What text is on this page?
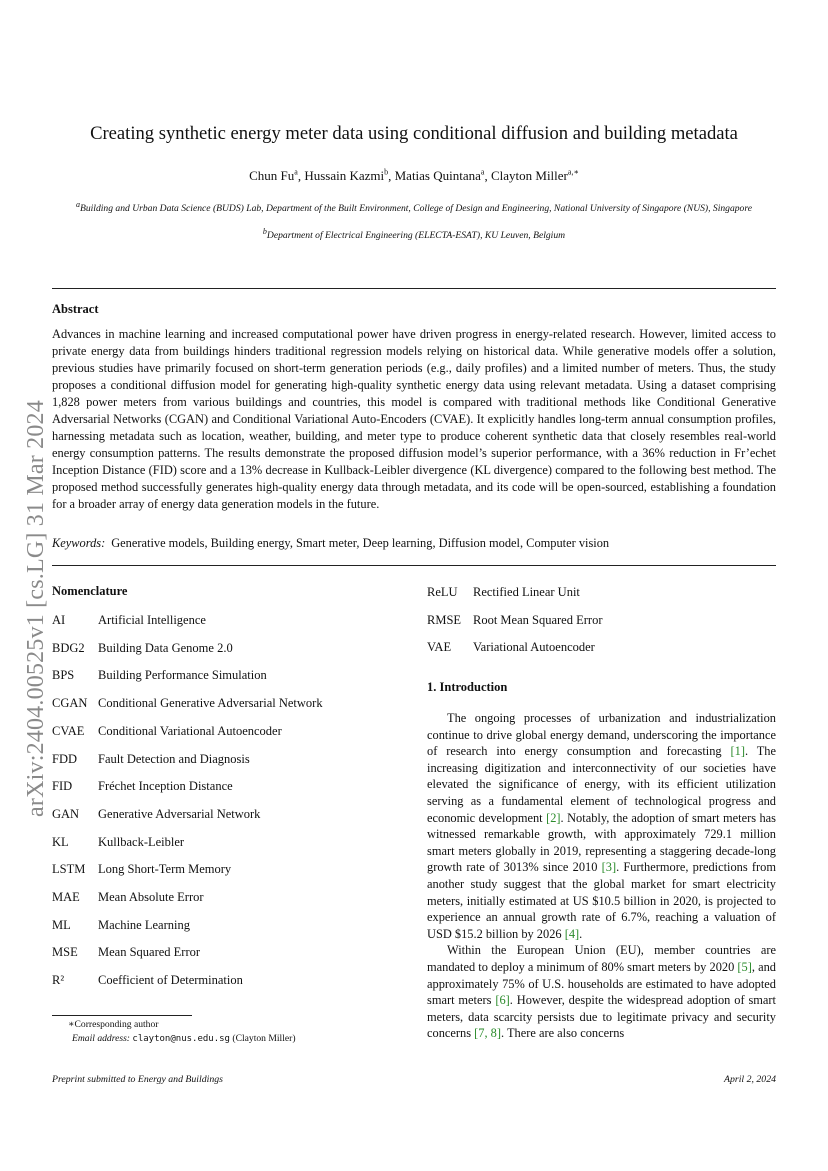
Creating synthetic energy meter data using conditional diffusion and building metadata
Chun Fu$^a$, Hussain Kazmi$^b$, Matias Quintana$^a$, Clayton Miller$^{a,∗}$
$^a$Building and Urban Data Science (BUDS) Lab, Department of the Built Environment, College of Design and Engineering, National University of Singapore (NUS), Singapore
$^b$Department of Electrical Engineering (ELECTA-ESAT), KU Leuven, Belgium
arXiv:2404.00525v1 [cs.LG] 31 Mar 2024
Abstract
Advances in machine learning and increased computational power have driven progress in energy-related research. However, limited access to private energy data from buildings hinders traditional regression models relying on historical data. While generative models offer a solution, previous studies have primarily focused on short-term generation periods (e.g., daily profiles) and a limited number of meters. Thus, the study proposes a conditional diffusion model for generating high-quality synthetic energy data using relevant metadata. Using a dataset comprising 1,828 power meters from various buildings and countries, this model is compared with traditional methods like Conditional Generative Adversarial Networks (CGAN) and Conditional Variational Auto-Encoders (CVAE). It explicitly handles long-term annual consumption profiles, harnessing metadata such as location, weather, building, and meter type to produce coherent synthetic data that closely resembles real-world energy consumption patterns. The results demonstrate the proposed diffusion model’s superior performance, with a 36% reduction in Fr’echet Inception Distance (FID) score and a 13% decrease in Kullback-Leibler divergence (KL divergence) compared to the following best method. The proposed method successfully generates high-quality energy data through metadata, and its code will be open-sourced, establishing a foundation for a broader array of energy data generation models in the future.
Keywords: Generative models, Building energy, Smart meter, Deep learning, Diffusion model, Computer vision
Nomenclature
AI	Artificial Intelligence
BDG2 Building Data Genome 2.0
BPS Building Performance Simulation
CGAN Conditional Generative Adversarial Network
CVAE Conditional Variational Autoencoder
FDD Fault Detection and Diagnosis
FID Fréchet Inception Distance
GAN Generative Adversarial Network
KL Kullback-Leibler
LSTM Long Short-Term Memory
MAE Mean Absolute Error
ML Machine Learning
MSE Mean Squared Error
R²	Coefficient of Determination
ReLU Rectified Linear Unit
RMSE Root Mean Squared Error
VAE Variational Autoencoder
∗Corresponding author
Email address: clayton@nus.edu.sg (Clayton Miller)
1. Introduction

The ongoing processes of urbanization and industrialization continue to drive global energy demand, underscoring the importance of research into energy consumption and forecasting [1]. The increasing digitization and interconnectivity of our societies have elevated the significance of energy, with its efficient utilization serving as a fundamental element of technological progress and economic development [2]. Notably, the adoption of smart meters has witnessed remarkable growth, with approximately 729.1 million smart meters globally in 2019, representing a staggering decade-long growth rate of 3013% since 2010 [3]. Furthermore, predictions from another study suggest that the global market for smart electricity meters, initially estimated at US $10.5 billion in 2020, is projected to experience an annual growth rate of 6.7%, reaching a valuation of USD $15.2 billion by 2026 [4].

Within the European Union (EU), member countries are mandated to deploy a minimum of 80% smart meters by 2020 [5], and approximately 75% of U.S. households are estimated to have adopted smart meters [6]. However, despite the widespread adoption of smart meters, data scarcity persists due to legitimate privacy and security concerns [7, 8]. There are also concerns

Preprint submitted to Energy and Buildings	April 2, 2024
